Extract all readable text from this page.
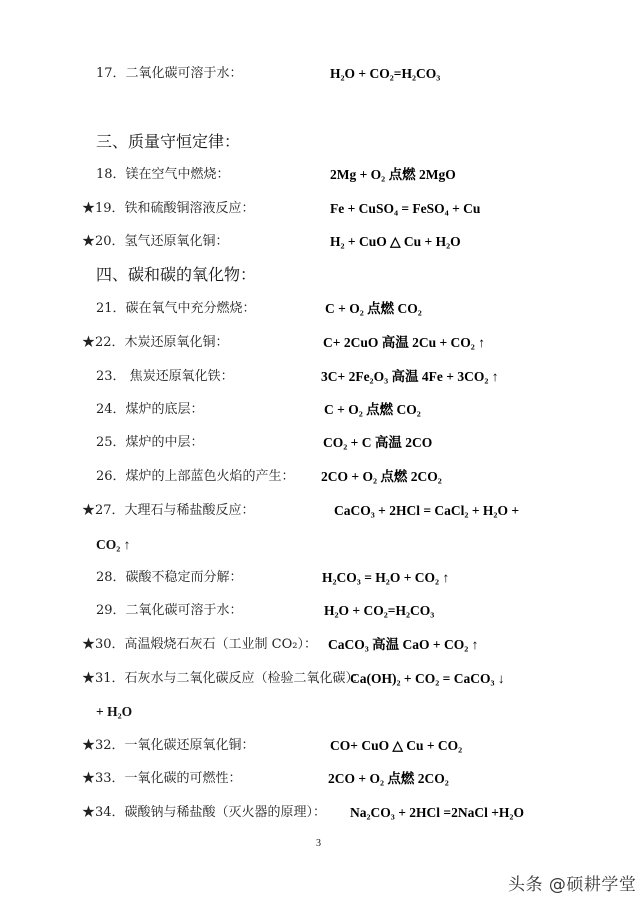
17．二氧化碳可溶于水：	H₂O + CO₂=H₂CO₃
三、质量守恒定律：
18．镁在空气中燃烧：	2Mg + O₂ 点燃 2MgO
★19．铁和硫酸铜溶液反应：	Fe + CuSO₄ = FeSO₄ + Cu
★20．氢气还原氧化铜：	H₂ + CuO △ Cu + H₂O
四、碳和碳的氧化物：
21．碳在氧气中充分燃烧：	C + O₂ 点燃 CO₂
★22．木炭还原氧化铜：	C+ 2CuO 高温 2Cu + CO₂ ↑
23． 焦炭还原氧化铁：	3C+ 2Fe₂O₃ 高温 4Fe + 3CO₂ ↑
24．煤炉的底层：	C + O₂ 点燃 CO₂
25．煤炉的中层：	CO₂ + C 高温 2CO
26．煤炉的上部蓝色火焰的产生： 2CO + O₂ 点燃 2CO₂
★27．大理石与稀盐酸反应：	CaCO₃ + 2HCl = CaCl₂ + H₂O +
CO₂ ↑
28．碳酸不稳定而分解：	H₂CO₃ = H₂O + CO₂ ↑
29．二氧化碳可溶于水：	H₂O + CO₂=H₂CO₃
★30．高温煅烧石灰石（工业制 CO₂）： CaCO₃ 高温 CaO + CO₂ ↑
★31．石灰水与二氧化碳反应（检验二氧化碳）：
Ca(OH)₂ + CO₂ = CaCO₃ ↓
+ H₂O
★32．一氧化碳还原氧化铜：	CO+ CuO △ Cu + CO₂
★33．一氧化碳的可燃性：	2CO + O₂ 点燃 2CO₂
★34．碳酸钠与稀盐酸（灭火器的原理）： Na₂CO₃ + 2HCl =2NaCl +H₂O
3
头条 @硕耕学堂
